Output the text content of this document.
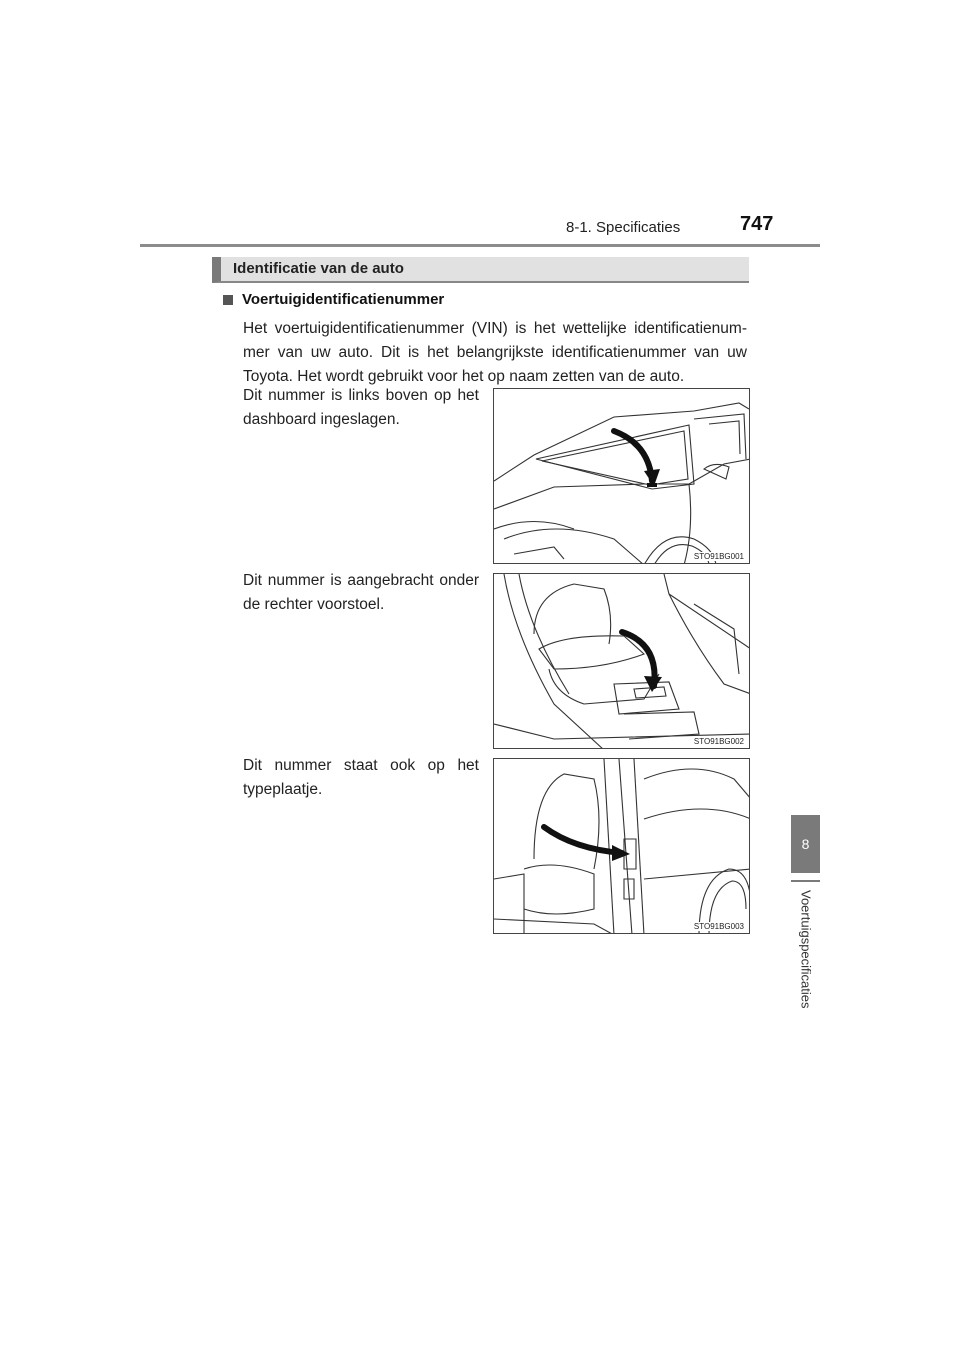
8-1. Specificaties	747
8
Voertuigspecificaties
Identificatie van de auto
Voertuigidentificatienummer
Het voertuigidentificatienummer (VIN) is het wettelijke identificatienummer van uw auto. Dit is het belangrijkste identificatienummer van uw Toyota. Het wordt gebruikt voor het op naam zetten van de auto.
Dit nummer is links boven op het dashboard ingeslagen.
STO91BG001
Dit nummer is aangebracht onder de rechter voorstoel.
STO91BG002
Dit nummer staat ook op het typeplaatje.
STO91BG003
